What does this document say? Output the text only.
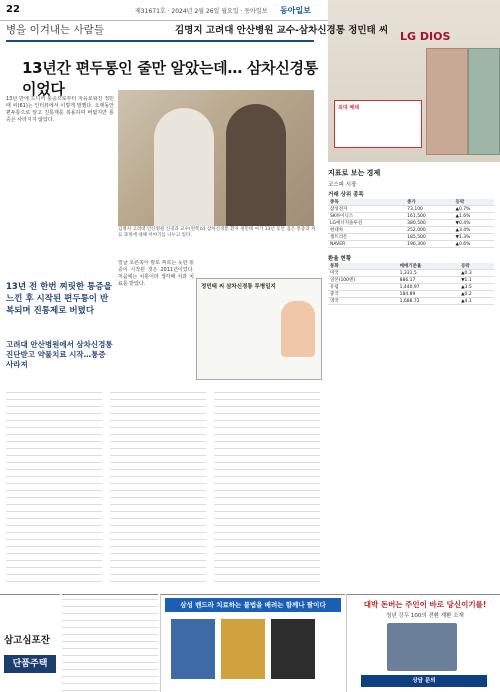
22	제31671호 · 2024년 2월 26일 월요일 · 동아일보 동아일보
LG DIOS
최대 혜택
병을 이겨내는 사람들	김명지 고려대 안산병원 교수-삼차신경통 정민태 씨
13년간 편두통인 줄만 알았는데… 삼차신경통이었다
13년 만에 드디어 통증으로부터 자유로워진 정민태 씨(61)는 인터뷰에서 이렇게 말했다. 오랫동안 편두통으로 알고 진통제를 복용하며 버텼지만 통증은 사라지지 않았다.
김명지 고려대 안산병원 신경과 교수(왼쪽)와 삼차신경통 환자 정민태 씨가 13년 동안 겪은 통증과 치료 과정에 대해 이야기를 나누고 있다.
13년 전 한번 찌릿한 통증을 느낀 후 시작된 편두통이 반복되며 진통제로 버텼다
고려대 안산병원에서 삼차신경통 진단받고 약물치료 시작…통증 사라져
얼굴 오른쪽이 칼로 찌르는 듯한 통증이 시작된 것은 2011년이었다. 처음에는 치통이라 생각해 치과 치료를 받았다.	정민태 씨 삼차신경통 투병일지
지표로 보는 경제
코스피 시장
거래 상위 종목
종목	종가	등락
삼성전자	73,100	▲0.7%
SK하이닉스	161,500	▲1.6%
LG에너지솔루션	380,500	▼0.4%
현대차	252,000	▲3.4%
셀트리온	185,500	▼1.3%
NAVER	196,300	▲0.6%
환율 현황
통화	매매기준율	등락
미국	1,331.5	▲0.3
일본(100엔)	886.17	▼1.1
유럽	1,440.97	▲3.5
중국	184.89	▲0.2
영국	1,688.72	▲4.1
삼고심포잔
단품주택
삼성 벤드라 치료하는 불법을 배려는 함께나 팔이다	대박 돈버는 주인이 바로 당신이기를!
청년 강두 100의 전환 재환 소재
상담 문의
